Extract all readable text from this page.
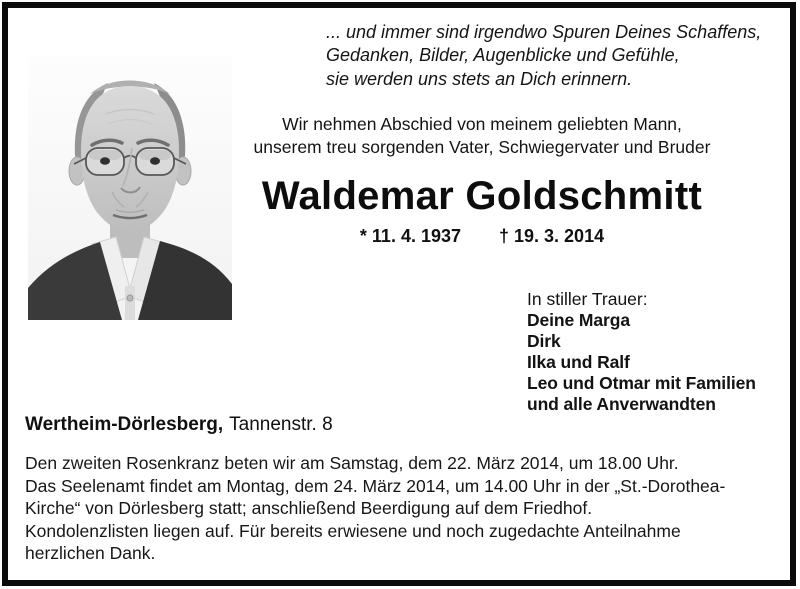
... und immer sind irgendwo Spuren Deines Schaffens,
Gedanken, Bilder, Augenblicke und Gefühle,
sie werden uns stets an Dich erinnern.
Wir nehmen Abschied von meinem geliebten Mann,
unserem treu sorgenden Vater, Schwiegervater und Bruder
Waldemar Goldschmitt
* 11. 4. 1937 † 19. 3. 2014
In stiller Trauer:
Deine Marga
Dirk
Ilka und Ralf
Leo und Otmar mit Familien
und alle Anverwandten
Wertheim-Dörlesberg, Tannenstr. 8
Den zweiten Rosenkranz beten wir am Samstag, dem 22. März 2014, um 18.00 Uhr.
Das Seelenamt findet am Montag, dem 24. März 2014, um 14.00 Uhr in der „St.-Dorothea-
Kirche“ von Dörlesberg statt; anschließend Beerdigung auf dem Friedhof.
Kondolenzlisten liegen auf. Für bereits erwiesene und noch zugedachte Anteilnahme
herzlichen Dank.
